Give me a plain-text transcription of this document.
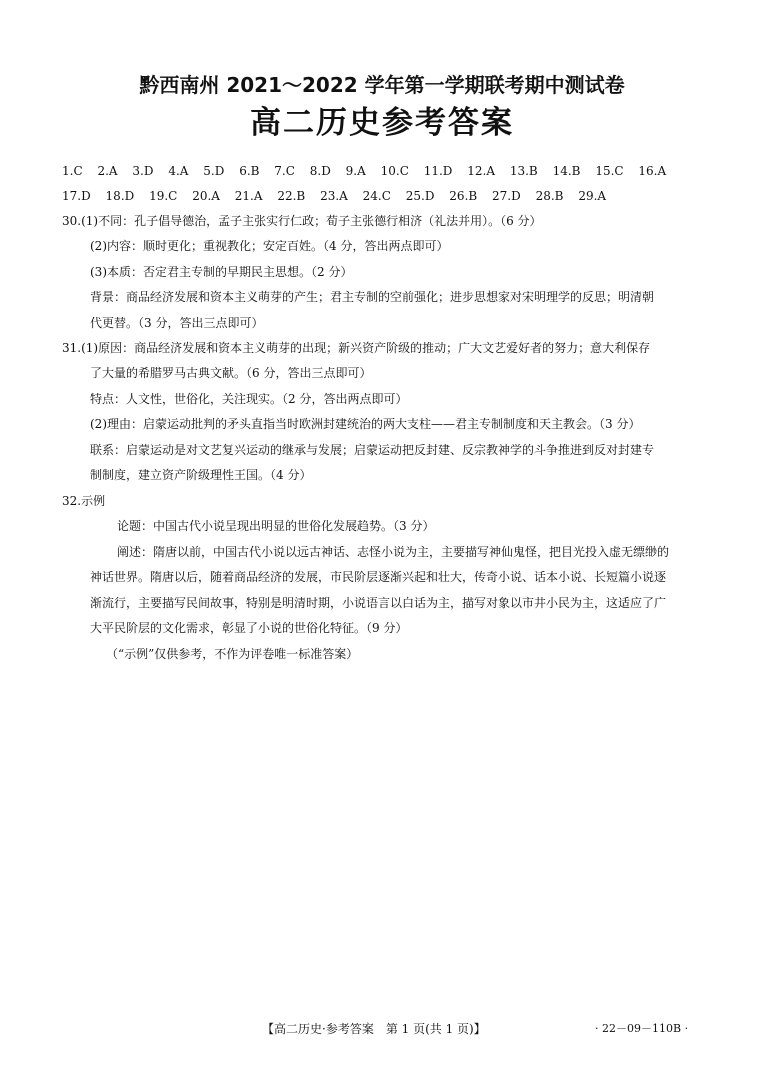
黔西南州 2021～2022 学年第一学期联考期中测试卷
高二历史参考答案
1.C 2.A 3.D 4.A 5.D 6.B 7.C 8.D 9.A 10.C 11.D 12.A 13.B 14.B 15.C 16.A
17.D 18.D 19.C 20.A 21.A 22.B 23.A 24.C 25.D 26.B 27.D 28.B 29.A
30.(1)不同：孔子倡导德治，孟子主张实行仁政；荀子主张德行相济（礼法并用）。（6 分）
(2)内容：顺时更化；重视教化；安定百姓。（4 分，答出两点即可）
(3)本质：否定君主专制的早期民主思想。（2 分）
背景：商品经济发展和资本主义萌芽的产生；君主专制的空前强化；进步思想家对宋明理学的反思；明清朝
代更替。（3 分，答出三点即可）
31.(1)原因：商品经济发展和资本主义萌芽的出现；新兴资产阶级的推动；广大文艺爱好者的努力；意大利保存
了大量的希腊罗马古典文献。（6 分，答出三点即可）
特点：人文性，世俗化，关注现实。（2 分，答出两点即可）
(2)理由：启蒙运动批判的矛头直指当时欧洲封建统治的两大支柱——君主专制制度和天主教会。（3 分）
联系：启蒙运动是对文艺复兴运动的继承与发展；启蒙运动把反封建、反宗教神学的斗争推进到反对封建专
制制度，建立资产阶级理性王国。（4 分）
32.示例
论题：中国古代小说呈现出明显的世俗化发展趋势。（3 分）
阐述：隋唐以前，中国古代小说以远古神话、志怪小说为主，主要描写神仙鬼怪，把目光投入虚无缥缈的
神话世界。隋唐以后，随着商品经济的发展，市民阶层逐渐兴起和壮大，传奇小说、话本小说、长短篇小说逐
渐流行，主要描写民间故事，特别是明清时期，小说语言以白话为主，描写对象以市井小民为主，这适应了广
大平民阶层的文化需求，彰显了小说的世俗化特征。（9 分）
（“示例”仅供参考，不作为评卷唯一标准答案）
【高二历史·参考答案　第 1 页(共 1 页)】	· 22－09－110B ·
